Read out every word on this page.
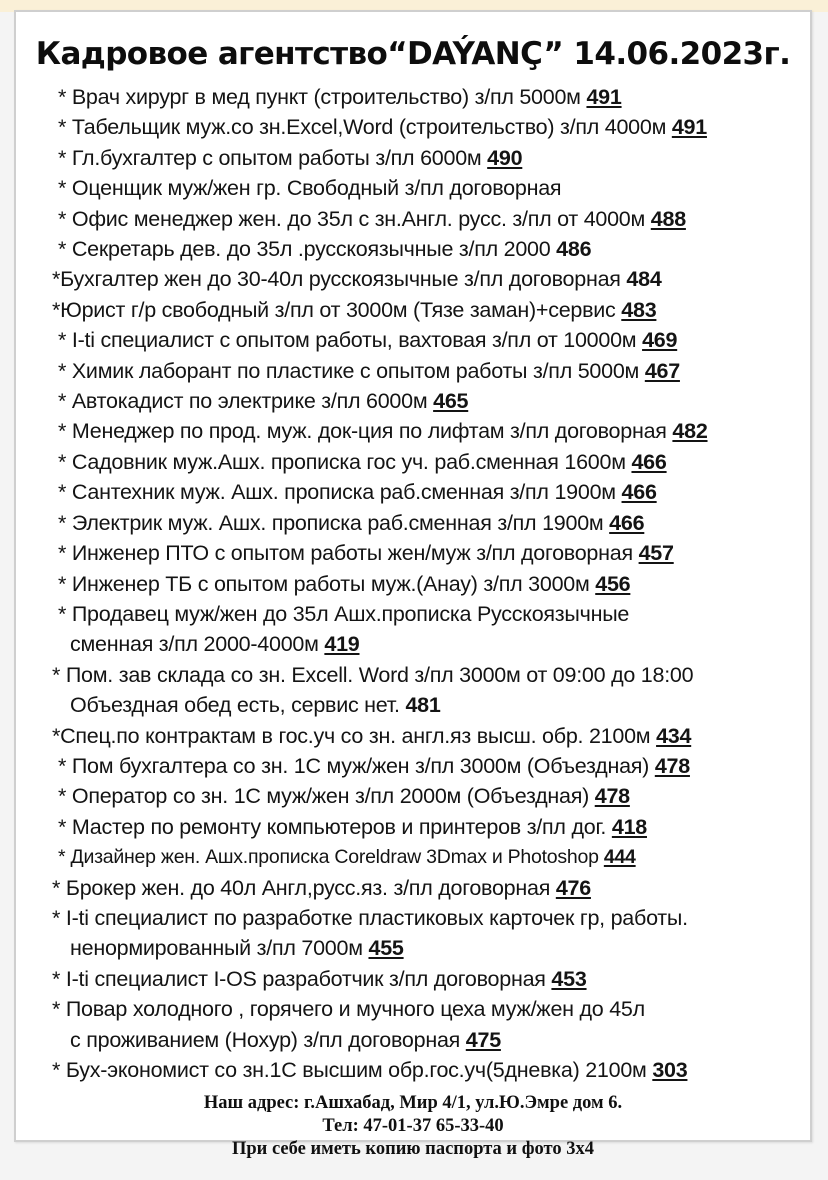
Кадровое агентство“DAÝANÇ” 14.06.2023г.
* Врач хирург в мед пункт (строительство) з/пл 5000м 491
* Табельщик муж.со зн.Excel,Word (строительство) з/пл 4000м 491
* Гл.бухгалтер с опытом работы з/пл 6000м 490
* Оценщик муж/жен гр. Свободный з/пл договорная
* Офис менеджер жен. до 35л с зн.Англ. русс. з/пл от 4000м 488
* Секретарь дев. до 35л .русскоязычные з/пл 2000 486
*Бухгалтер жен до 30-40л русскоязычные з/пл договорная 484
*Юрист г/р свободный з/пл от 3000м (Тязе заман)+сервис 483
* I-ti специалист с опытом работы, вахтовая з/пл от 10000м 469
* Химик лаборант по пластике с опытом работы з/пл 5000м 467
* Автокадист по электрике з/пл 6000м 465
* Менеджер по прод. муж. док-ция по лифтам з/пл договорная 482
* Садовник муж.Ашх. прописка гос уч. раб.сменная 1600м 466
* Сантехник муж. Ашх. прописка раб.сменная з/пл 1900м 466
* Электрик муж. Ашх. прописка раб.сменная з/пл 1900м 466
* Инженер ПТО с опытом работы жен/муж з/пл договорная 457
* Инженер ТБ с опытом работы муж.(Анау) з/пл 3000м 456
* Продавец муж/жен до 35л Ашх.прописка Русскоязычные
сменная з/пл 2000-4000м 419
* Пом. зав склада со зн. Excell. Word з/пл 3000м от 09:00 до 18:00
Объездная обед есть, сервис нет. 481
*Спец.по контрактам в гос.уч со зн. англ.яз высш. обр. 2100м 434
* Пом бухгалтера со зн. 1С муж/жен з/пл 3000м (Объездная) 478
* Оператор со зн. 1С муж/жен з/пл 2000м (Объездная) 478
* Мастер по ремонту компьютеров и принтеров з/пл дог. 418
* Дизайнер жен. Ашх.прописка Coreldraw 3Dmax и Photoshop 444
* Брокер жен. до 40л Англ,русс.яз. з/пл договорная 476
* I-ti специалист по разработке пластиковых карточек гр, работы.
ненормированный з/пл 7000м 455
* I-ti специалист I-OS разработчик з/пл договорная 453
* Повар холодного , горячего и мучного цеха муж/жен до 45л
с проживанием (Нохур) з/пл договорная 475
* Бух-экономист со зн.1С высшим обр.гос.уч(5дневка) 2100м 303
Наш адрес: г.Ашхабад, Мир 4/1, ул.Ю.Эмре дом 6.
Тел: 47-01-37 65-33-40
При себе иметь копию паспорта и фото 3х4
